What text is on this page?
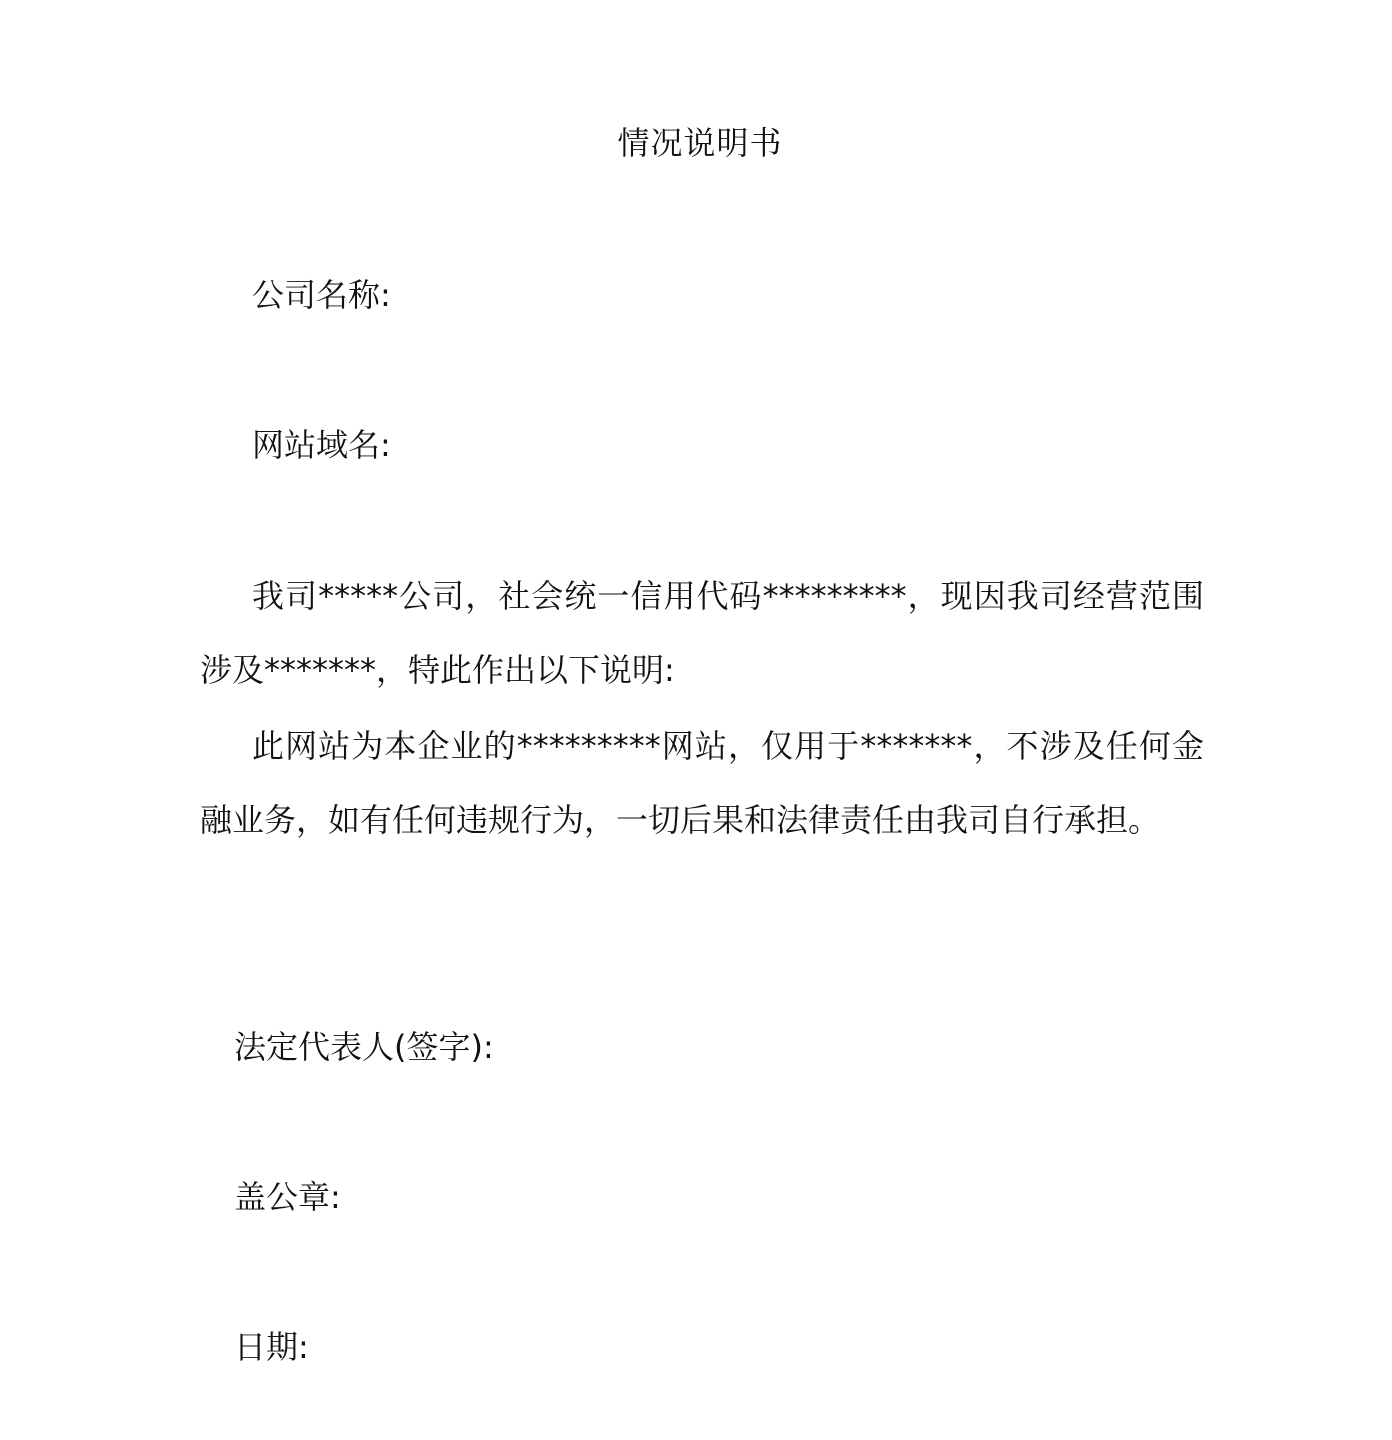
情况说明书
公司名称:
网站域名:
我司*****公司，社会统一信用代码*********，现因我司经营范围涉及*******，特此作出以下说明:
此网站为本企业的*********网站，仅用于*******，不涉及任何金融业务，如有任何违规行为，一切后果和法律责任由我司自行承担。
法定代表人(签字):
盖公章:
日期:
